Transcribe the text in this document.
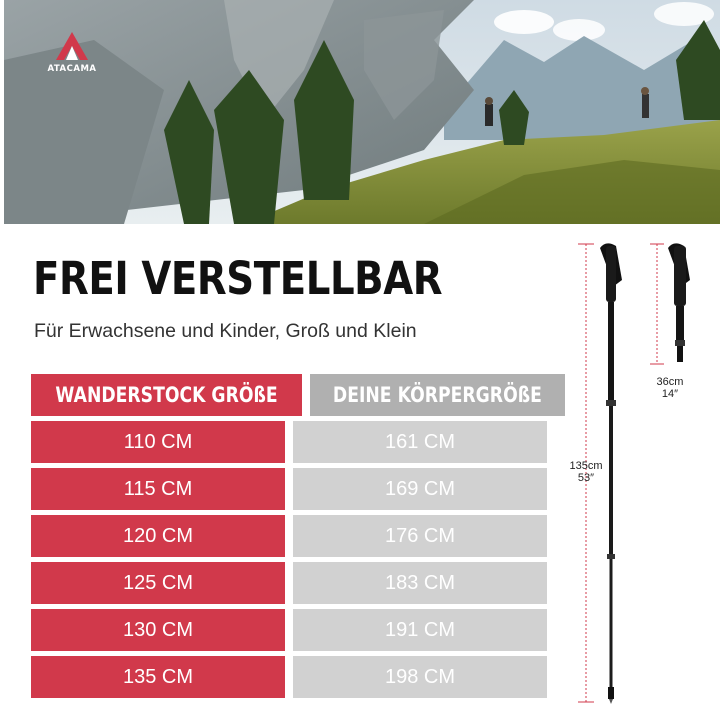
ATACAMA
FREI VERSTELLBAR

Für Erwachsene und Kinder, Groß und Klein

WANDERSTOCK GRÖßE	DEINE KÖRPERGRÖßE
110 CM	161 CM
115 CM	169 CM
120 CM	176 CM
125 CM	183 CM
130 CM	191 CM
135 CM	198 CM
135cm
53″
36cm
14″
